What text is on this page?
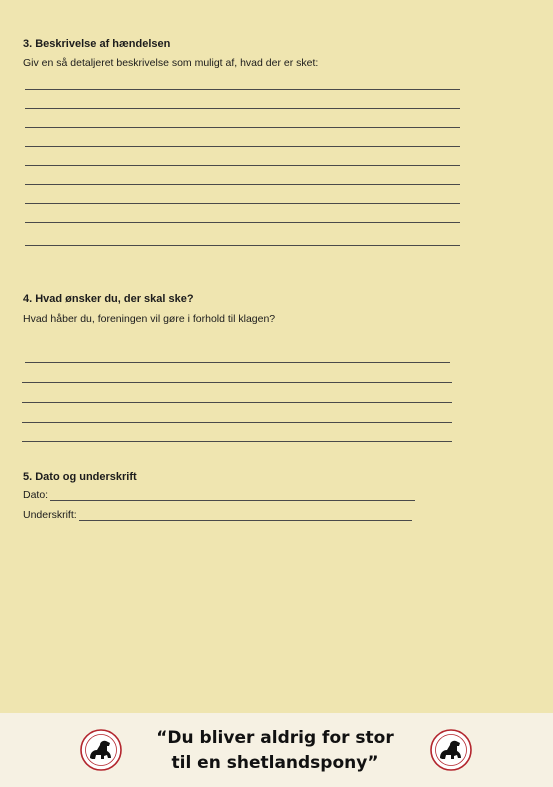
3. Beskrivelse af hændelsen
Giv en så detaljeret beskrivelse som muligt af, hvad der er sket:
4. Hvad ønsker du, der skal ske?
Hvad håber du, foreningen vil gøre i forhold til klagen?
5. Dato og underskrift
Dato:
Underskrift:
“Du bliver aldrig for stor
til en shetlandspony”
